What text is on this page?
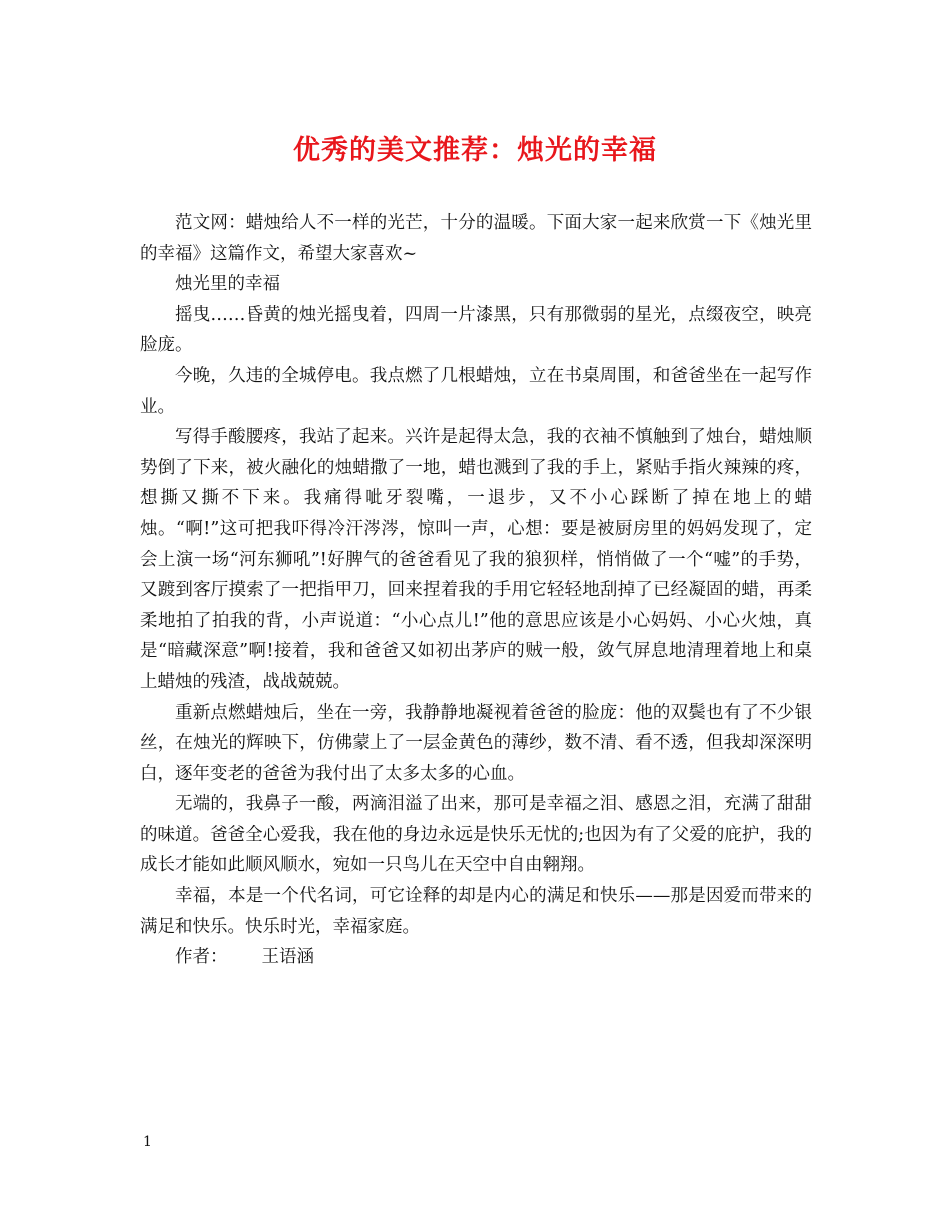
优秀的美文推荐：烛光的幸福

范文网：蜡烛给人不一样的光芒，十分的温暖。下面大家一起来欣赏一下《烛光里的幸福》这篇作文，希望大家喜欢~

烛光里的幸福

摇曳……昏黄的烛光摇曳着，四周一片漆黑，只有那微弱的星光，点缀夜空，映亮脸庞。

今晚，久违的全城停电。我点燃了几根蜡烛，立在书桌周围，和爸爸坐在一起写作业。

写得手酸腰疼，我站了起来。兴许是起得太急，我的衣袖不慎触到了烛台，蜡烛顺势倒了下来，被火融化的烛蜡撒了一地，蜡也溅到了我的手上，紧贴手指火辣辣的疼，想撕又撕不下来。我痛得呲牙裂嘴，一退步，又不小心踩断了掉在地上的蜡烛。“啊!”这可把我吓得冷汗涔涔，惊叫一声，心想：要是被厨房里的妈妈发现了，定会上演一场“河东狮吼”!好脾气的爸爸看见了我的狼狈样，悄悄做了一个“嘘”的手势，又踱到客厅摸索了一把指甲刀，回来捏着我的手用它轻轻地刮掉了已经凝固的蜡，再柔柔地拍了拍我的背，小声说道：“小心点儿!”他的意思应该是小心妈妈、小心火烛，真是“暗藏深意”啊!接着，我和爸爸又如初出茅庐的贼一般，敛气屏息地清理着地上和桌上蜡烛的残渣，战战兢兢。

重新点燃蜡烛后，坐在一旁，我静静地凝视着爸爸的脸庞：他的双鬓也有了不少银丝，在烛光的辉映下，仿佛蒙上了一层金黄色的薄纱，数不清、看不透，但我却深深明白，逐年变老的爸爸为我付出了太多太多的心血。

无端的，我鼻子一酸，两滴泪溢了出来，那可是幸福之泪、感恩之泪，充满了甜甜的味道。爸爸全心爱我，我在他的身边永远是快乐无忧的;也因为有了父爱的庇护，我的成长才能如此顺风顺水，宛如一只鸟儿在天空中自由翱翔。

幸福，本是一个代名词，可它诠释的却是内心的满足和快乐——那是因爱而带来的满足和快乐。快乐时光，幸福家庭。

作者： 王语涵

1
